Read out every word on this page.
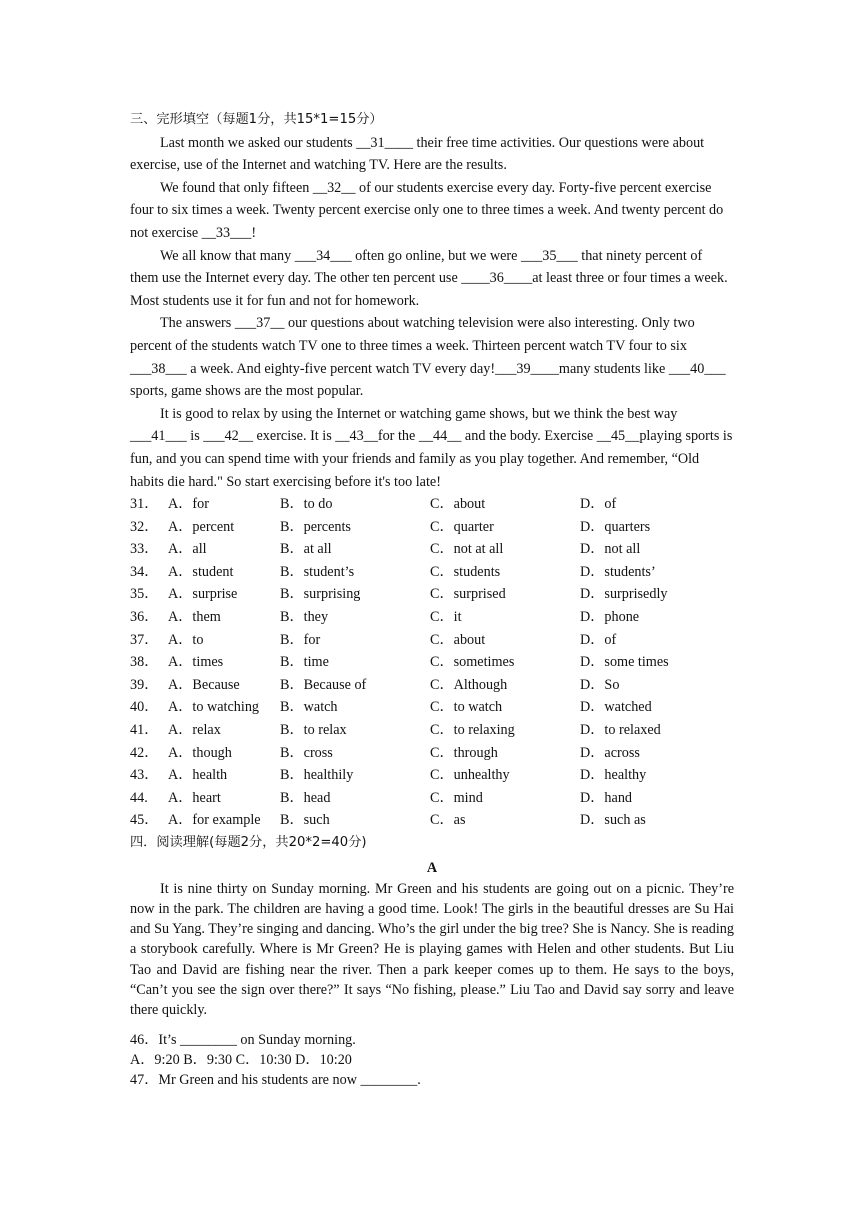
三、完形填空（每题1分，共15*1=15分）

Last month we asked our students __31____ their free time activities. Our questions were about exercise, use of the Internet and watching TV. Here are the results.

We found that only fifteen __32__ of our students exercise every day. Forty-five percent exercise four to six times a week. Twenty percent exercise only one to three times a week. And twenty percent do not exercise __33___!

We all know that many ___34___ often go online, but we were ___35___ that ninety percent of them use the Internet every day. The other ten percent use ____36____at least three or four times a week. Most students use it for fun and not for homework.

The answers ___37__ our questions about watching television were also interesting. Only two percent of the students watch TV one to three times a week. Thirteen percent watch TV four to six ___38___ a week. And eighty-five percent watch TV every day!___39____many students like ___40___ sports, game shows are the most popular.

It is good to relax by using the Internet or watching game shows, but we think the best way ___41___ is ___42__ exercise. It is __43__for the __44__ and the body. Exercise __45__playing sports is fun, and you can spend time with your friends and family as you play together. And remember, “Old habits die hard." So start exercising before it's too late!

31． A．for	B．to do	C．about	D．of
32． A．percent	B．percents	C．quarter	D．quarters
33． A．all	B．at all	C．not at all	D．not all
34． A．student	B．student’s	C．students	D．students’
35． A．surprise	B．surprising	C．surprised	D．surprisedly
36． A．them	B．they	C．it	D．phone
37． A．to	B．for	C．about	D．of
38． A．times	B．time	C．sometimes	D．some times
39． A．Because	B．Because of	C．Although	D．So
40． A．to watching	B．watch	C．to watch	D．watched
41． A．relax	B．to relax	C．to relaxing	D．to relaxed
42． A．though	B．cross	C．through	D．across
43． A．health	B．healthily	C．unhealthy	D．healthy
44.	A．heart	B．head	C．mind	D．hand
45． A．for example	B．such	C．as	D．such as
四．阅读理解(每题2分，共20*2=40分)
A

It is nine thirty on Sunday morning. Mr Green and his students are going out on a picnic. They’re now in the park. The children are having a good time. Look! The girls in the beautiful dresses are Su Hai and Su Yang. They’re singing and dancing. Who’s the girl under the big tree? She is Nancy. She is reading a storybook carefully. Where is Mr Green? He is playing games with Helen and other students. But Liu Tao and David are fishing near the river. Then a park keeper comes up to them. He says to the boys, “Can’t you see the sign over there?” It says “No fishing, please.” Liu Tao and David say sorry and leave there quickly.

46．It’s ________ on Sunday morning.

A．9:20 B．9:30 C．10:30 D．10:20

47．Mr Green and his students are now ________.
